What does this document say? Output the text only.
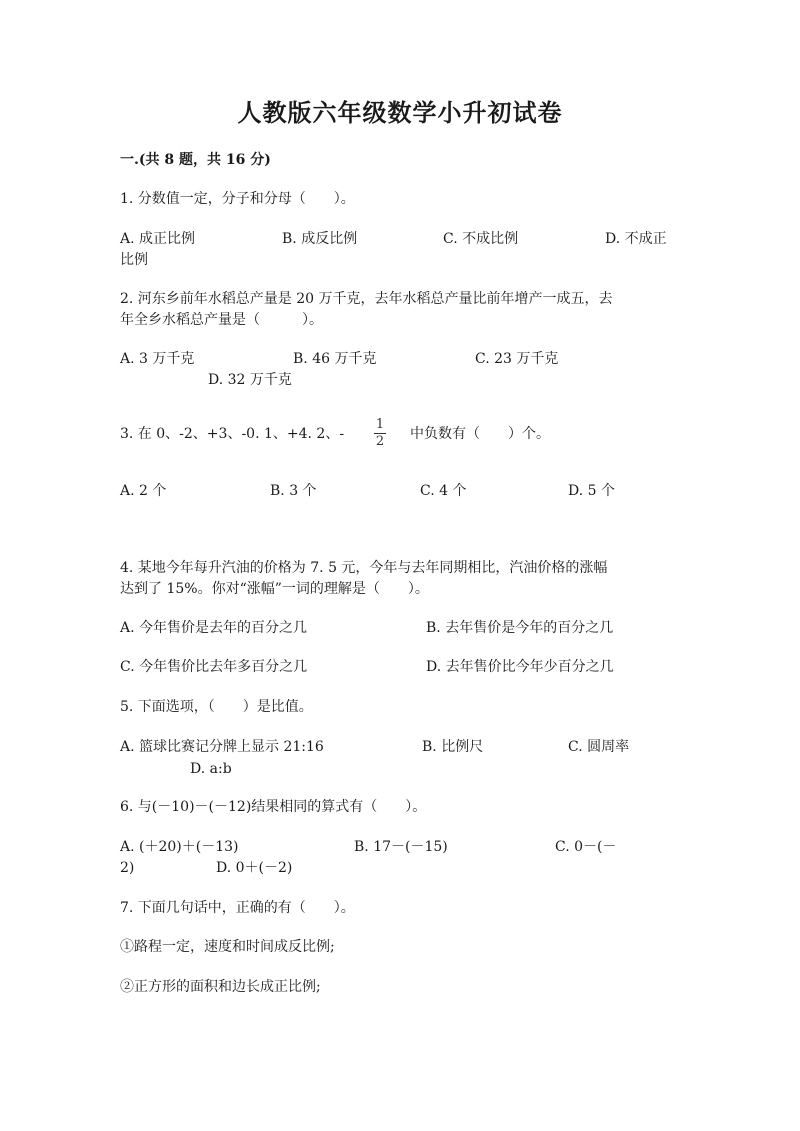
人教版六年级数学小升初试卷
一.(共 8 题，共 16 分)
1. 分数值一定，分子和分母（　　）。
A. 成正比例	B. 成反比例	C. 不成比例	D. 不成正
比例
2. 河东乡前年水稻总产量是 20 万千克，去年水稻总产量比前年增产一成五，去
年全乡水稻总产量是（　　　）。
A. 3 万千克	B. 46 万千克	C. 23 万千克
D. 32 万千克
3. 在 0、-2、+3、-0. 1、+4. 2、-
1
2 中负数有（　　）个。
A. 2 个	B. 3 个	C. 4 个	D. 5 个
4. 某地今年每升汽油的价格为 7. 5 元，今年与去年同期相比，汽油价格的涨幅
达到了 15%。你对“涨幅”一词的理解是（　　）。
A. 今年售价是去年的百分之几	B. 去年售价是今年的百分之几
C. 今年售价比去年多百分之几	D. 去年售价比今年少百分之几
5. 下面选项，（　　）是比值。
A. 篮球比赛记分牌上显示 21:16	B. 比例尺	C. 圆周率
D. a:b
6. 与(－10)－(－12)结果相同的算式有（　　）。
A. (＋20)＋(－13)	B. 17－(－15)	C. 0－(－
2)	D. 0＋(－2)
7. 下面几句话中，正确的有（　　）。
①路程一定，速度和时间成反比例;
②正方形的面积和边长成正比例;
